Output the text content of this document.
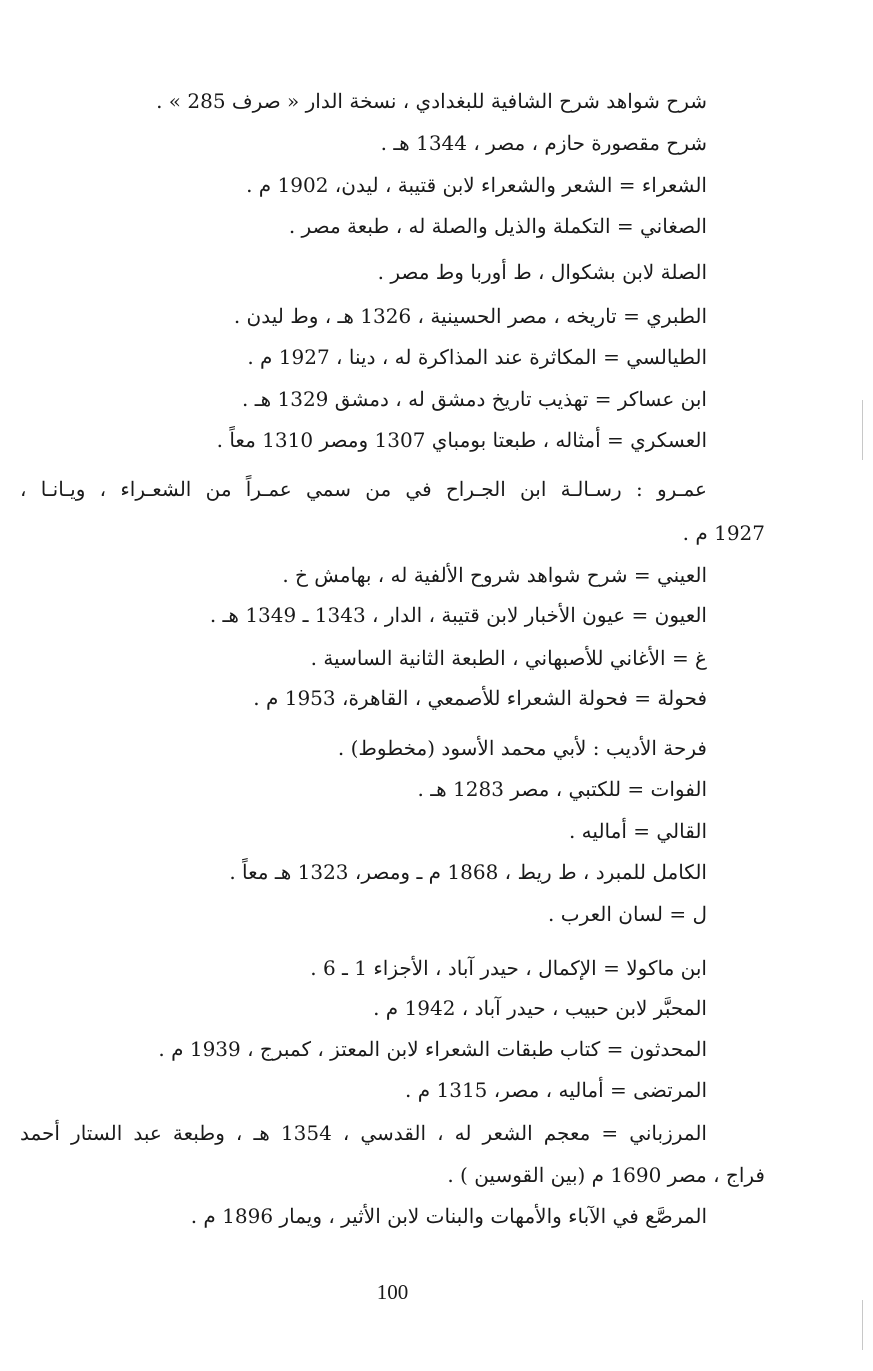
شرح شواهد شرح الشافية للبغدادي ، نسخة الدار « صرف 285 » .
شرح مقصورة حازم ، مصر ، 1344 هـ .
الشعراء = الشعر والشعراء لابن قتيبة ، ليدن، 1902 م .
الصغاني = التكملة والذيل والصلة له ، طبعة مصر .
الصلة لابن بشكوال ، ط أوربا وط مصر .
الطبري = تاريخه ، مصر الحسينية ، 1326 هـ ، وط ليدن .
الطيالسي = المكاثرة عند المذاكرة له ، دينا ، 1927 م .
ابن عساكر = تهذيب تاريخ دمشق له ، دمشق 1329 هـ .
العسكري = أمثاله ، طبعتا بومباي 1307 ومصر 1310 معاً .
عمـرو : رسـالـة ابن الجـراح في من سمي عمـراً من الشعـراء ، ويـانـا ،
1927 م .
العيني = شرح شواهد شروح الألفية له ، بهامش خ .
العيون = عيون الأخبار لابن قتيبة ، الدار ، 1343 ـ 1349 هـ .
غ = الأغاني للأصبهاني ، الطبعة الثانية الساسية .
فحولة = فحولة الشعراء للأصمعي ، القاهرة، 1953 م .
فرحة الأديب : لأبي محمد الأسود (مخطوط) .
الفوات = للكتبي ، مصر 1283 هـ .
القالي = أماليه .
الكامل للمبرد ، ط ريط ، 1868 م ـ ومصر، 1323 هـ معاً .
ل = لسان العرب .
ابن ماكولا = الإكمال ، حيدر آباد ، الأجزاء 1 ـ 6 .
المحبَّر لابن حبيب ، حيدر آباد ، 1942 م .
المحدثون = كتاب طبقات الشعراء لابن المعتز ، كمبرج ، 1939 م .
المرتضى = أماليه ، مصر، 1315 م .
المرزباني = معجم الشعر له ، القدسي ، 1354 هـ ، وطبعة عبد الستار أحمد
فراج ، مصر 1690 م (بين القوسين ) .
المرصَّع في الآباء والأمهات والبنات لابن الأثير ، ويمار 1896 م .
100
